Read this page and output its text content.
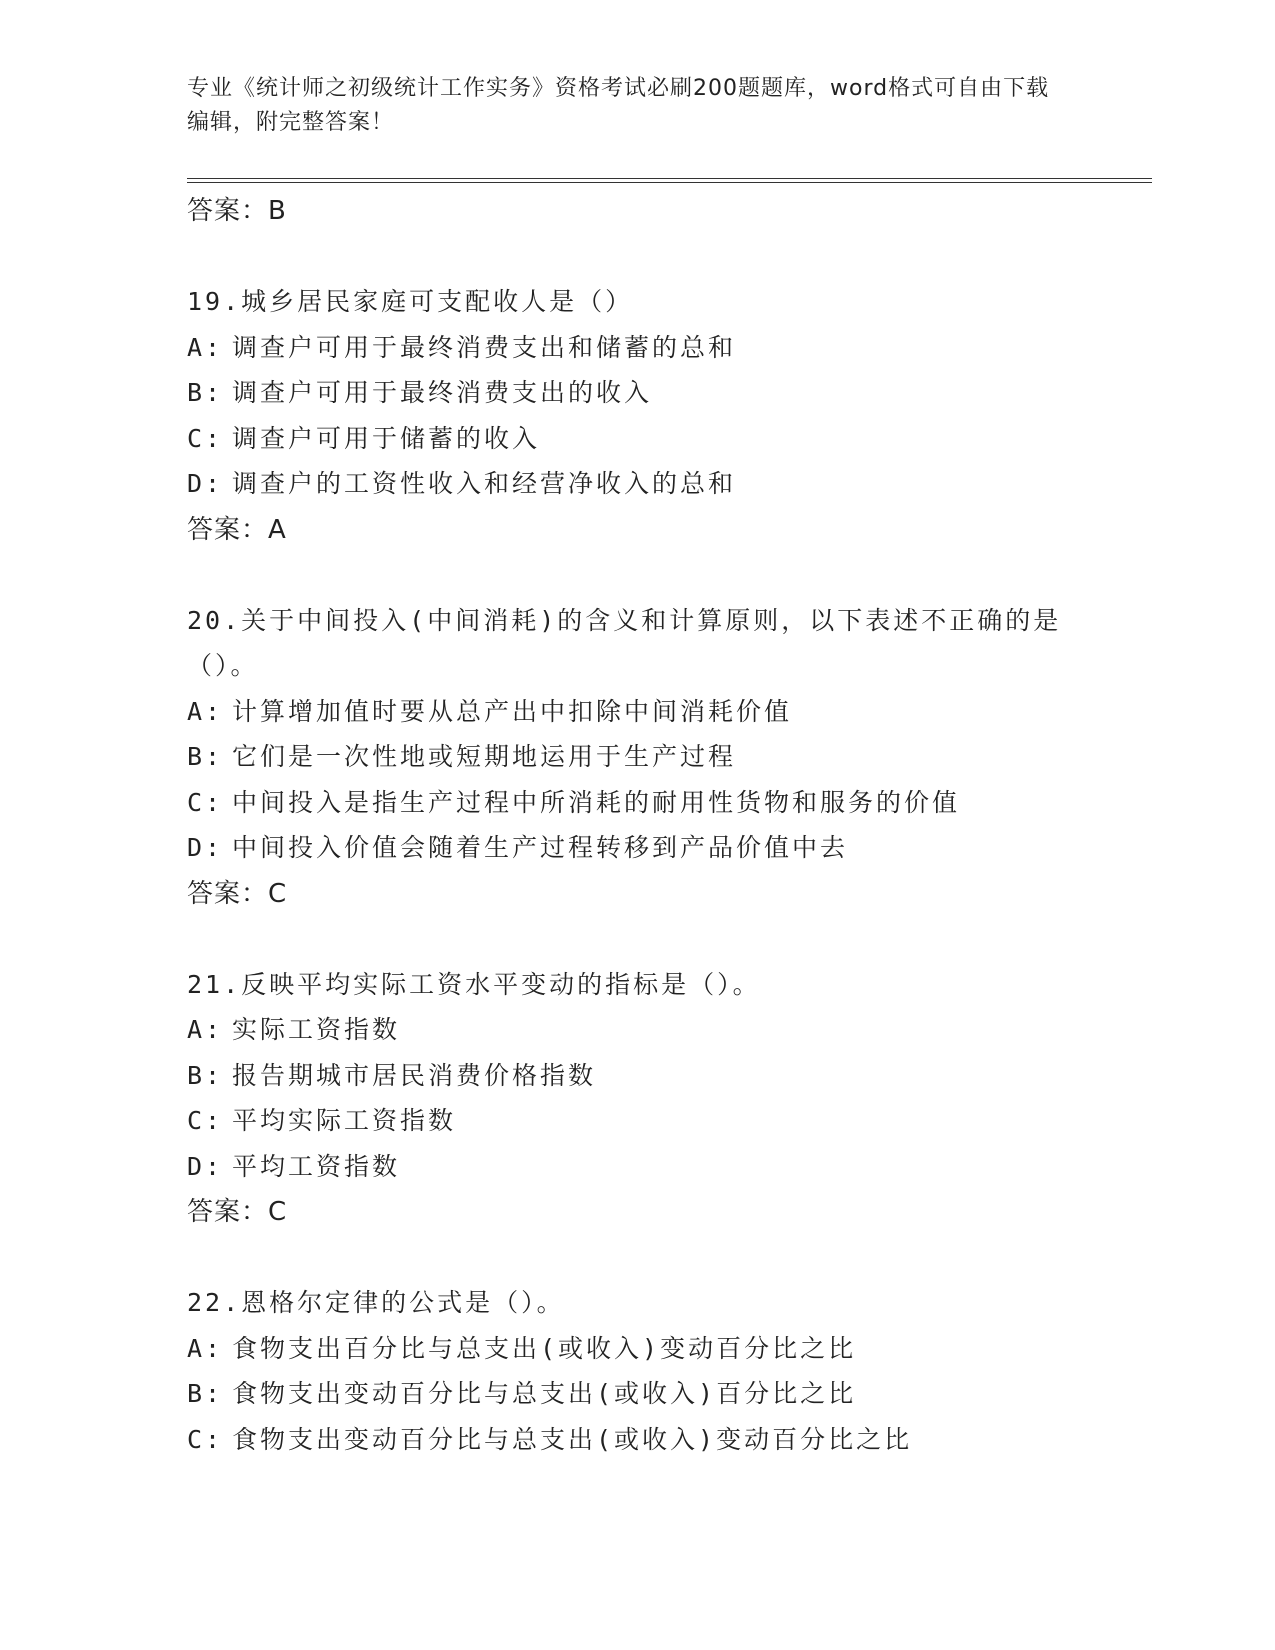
专业《统计师之初级统计工作实务》资格考试必刷200题题库，word格式可自由下载编辑，附完整答案！
答案：B
19.城乡居民家庭可支配收人是（）
A: 调查户可用于最终消费支出和储蓄的总和
B: 调查户可用于最终消费支出的收入
C: 调查户可用于储蓄的收入
D: 调查户的工资性收入和经营净收入的总和
答案：A
20.关于中间投入(中间消耗)的含义和计算原则，以下表述不正确的是（）。
A: 计算增加值时要从总产出中扣除中间消耗价值
B: 它们是一次性地或短期地运用于生产过程
C: 中间投入是指生产过程中所消耗的耐用性货物和服务的价值
D: 中间投入价值会随着生产过程转移到产品价值中去
答案：C
21.反映平均实际工资水平变动的指标是（）。
A: 实际工资指数
B: 报告期城市居民消费价格指数
C: 平均实际工资指数
D: 平均工资指数
答案：C
22.恩格尔定律的公式是（）。
A: 食物支出百分比与总支出(或收入)变动百分比之比
B: 食物支出变动百分比与总支出(或收入)百分比之比
C: 食物支出变动百分比与总支出(或收入)变动百分比之比
